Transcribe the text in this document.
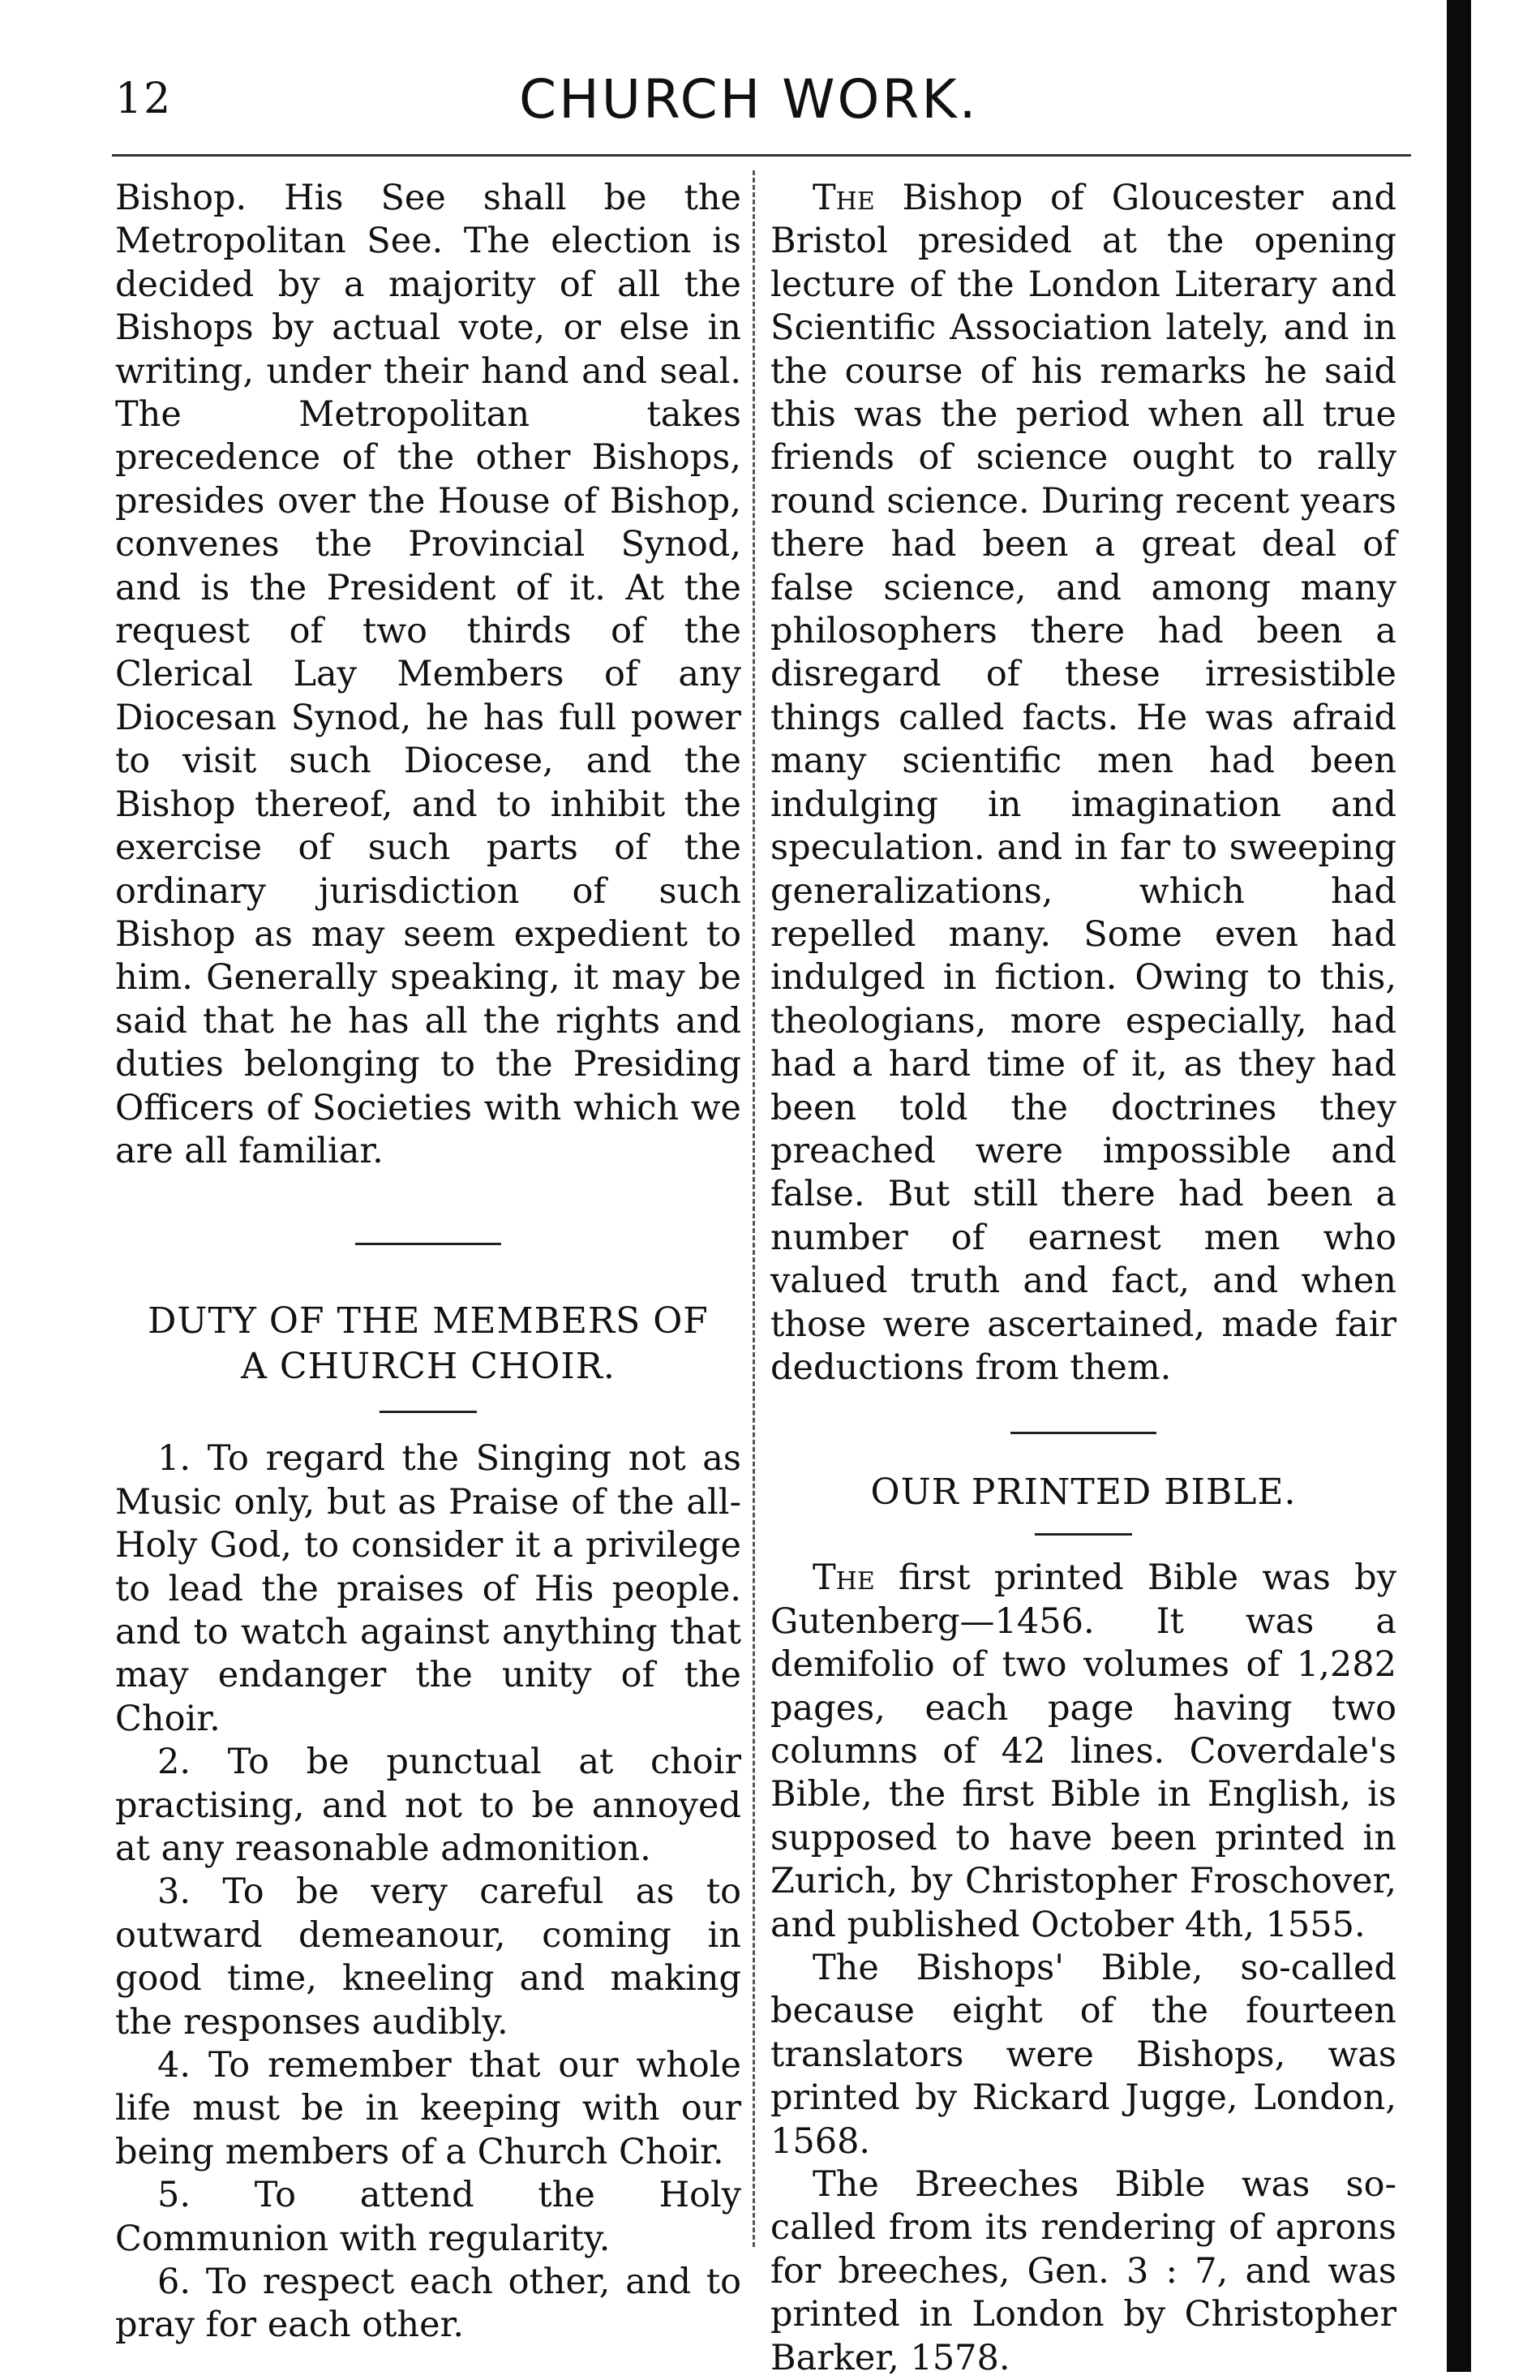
12	CHURCH WORK.

Bishop. His See shall be the Metropolitan See. The election is decided by a majority of all the Bishops by actual vote, or else in writing, under their hand and seal. The Metropolitan takes precedence of the other Bishops, presides over the House of Bishop, convenes the Provincial Synod, and is the President of it. At the request of two thirds of the Clerical Lay Members of any Diocesan Synod, he has full power to visit such Diocese, and the Bishop thereof, and to inhibit the exercise of such parts of the ordinary jurisdiction of such Bishop as may seem expedient to him. Generally speaking, it may be said that he has all the rights and duties belonging to the Presiding Officers of Societies with which we are all familiar.

DUTY OF THE MEMBERS OF

A CHURCH CHOIR.

1. To regard the Singing not as Music only, but as Praise of the all-Holy God, to consider it a privilege to lead the praises of His people. and to watch against anything that may endanger the unity of the Choir.

2. To be punctual at choir practising, and not to be annoyed at any reasonable admonition.

3. To be very careful as to outward demeanour, coming in good time, kneeling and making the responses audibly.

4. To remember that our whole life must be in keeping with our being members of a Church Choir.

5. To attend the Holy Communion with regularity.

6. To respect each other, and to pray for each other.

The Bishop of Gloucester and Bristol presided at the opening lecture of the London Literary and Scientific Association lately, and in the course of his remarks he said this was the period when all true friends of science ought to rally round science. During recent years there had been a great deal of false science, and among many philosophers there had been a disregard of these irresistible things called facts. He was afraid many scientific men had been indulging in imagination and speculation. and in far to sweeping generalizations, which had repelled many. Some even had indulged in fiction. Owing to this, theologians, more especially, had had a hard time of it, as they had been told the doctrines they preached were impossible and false. But still there had been a number of earnest men who valued truth and fact, and when those were ascertained, made fair deductions from them.

OUR PRINTED BIBLE.

The first printed Bible was by Gutenberg—1456. It was a demifolio of two volumes of 1,282 pages, each page having two columns of 42 lines. Coverdale's Bible, the first Bible in English, is supposed to have been printed in Zurich, by Christopher Froschover, and published October 4th, 1555.

The Bishops' Bible, so-called because eight of the fourteen translators were Bishops, was printed by Rickard Jugge, London, 1568.

The Breeches Bible was so-called from its rendering of aprons for breeches, Gen. 3 : 7, and was printed in London by Christopher Barker, 1578.
